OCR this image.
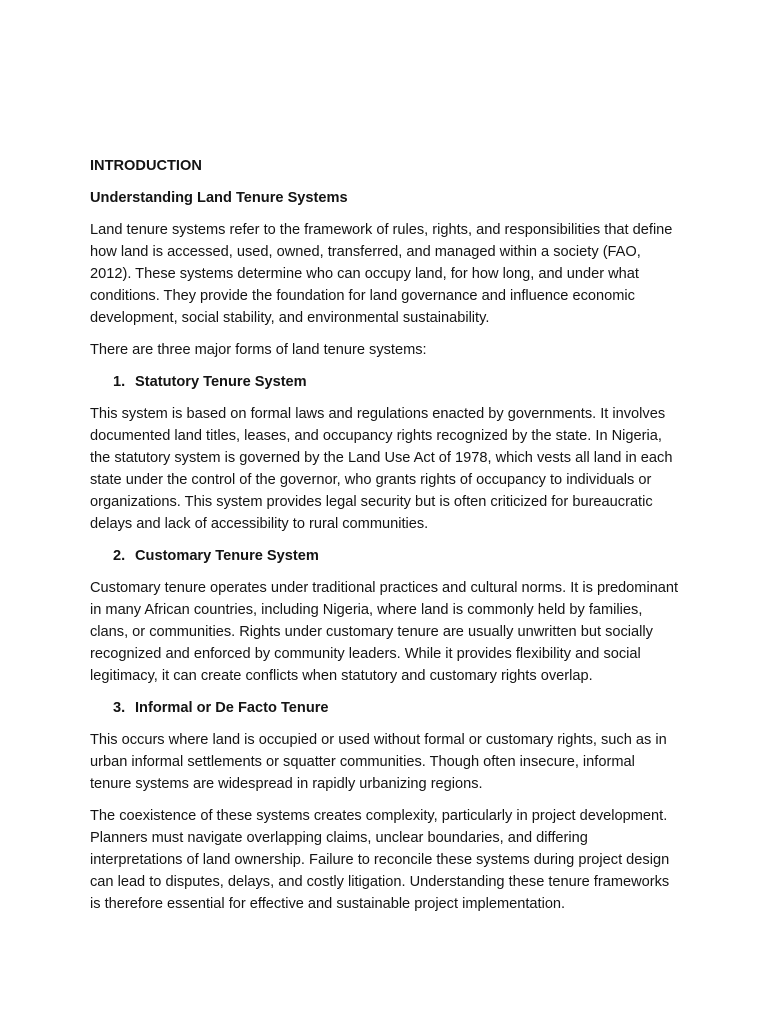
INTRODUCTION

Understanding Land Tenure Systems

Land tenure systems refer to the framework of rules, rights, and responsibilities that define how land is accessed, used, owned, transferred, and managed within a society (FAO, 2012). These systems determine who can occupy land, for how long, and under what conditions. They provide the foundation for land governance and influence economic development, social stability, and environmental sustainability.

There are three major forms of land tenure systems:

1. Statutory Tenure System

This system is based on formal laws and regulations enacted by governments. It involves documented land titles, leases, and occupancy rights recognized by the state. In Nigeria, the statutory system is governed by the Land Use Act of 1978, which vests all land in each state under the control of the governor, who grants rights of occupancy to individuals or organizations. This system provides legal security but is often criticized for bureaucratic delays and lack of accessibility to rural communities.

2. Customary Tenure System

Customary tenure operates under traditional practices and cultural norms. It is predominant in many African countries, including Nigeria, where land is commonly held by families, clans, or communities. Rights under customary tenure are usually unwritten but socially recognized and enforced by community leaders. While it provides flexibility and social legitimacy, it can create conflicts when statutory and customary rights overlap.

3. Informal or De Facto Tenure

This occurs where land is occupied or used without formal or customary rights, such as in urban informal settlements or squatter communities. Though often insecure, informal tenure systems are widespread in rapidly urbanizing regions.

The coexistence of these systems creates complexity, particularly in project development. Planners must navigate overlapping claims, unclear boundaries, and differing interpretations of land ownership. Failure to reconcile these systems during project design can lead to disputes, delays, and costly litigation. Understanding these tenure frameworks is therefore essential for effective and sustainable project implementation.
